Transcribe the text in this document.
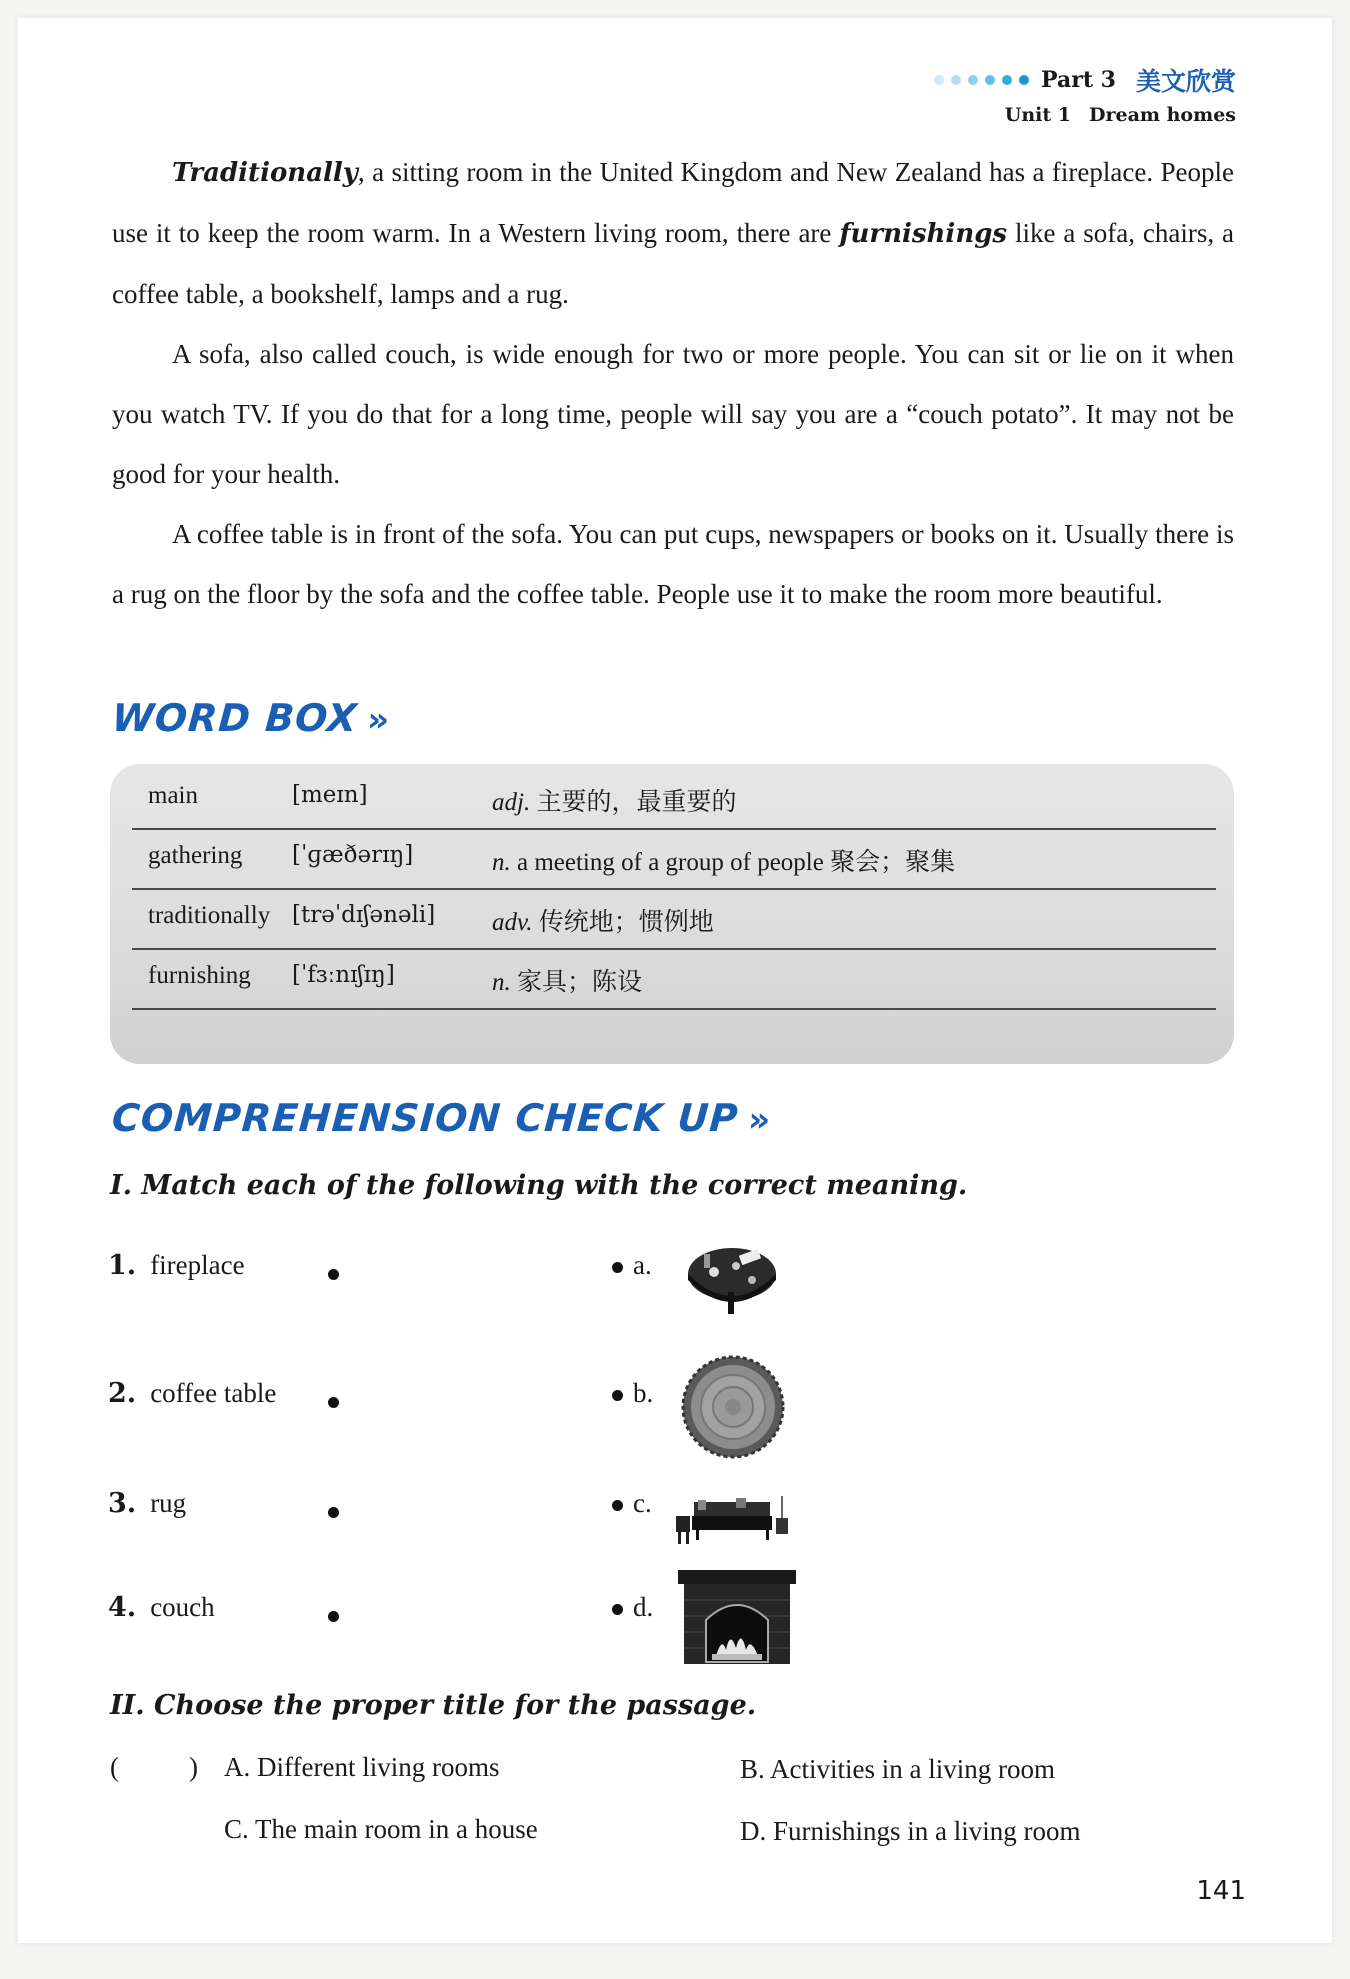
Part 3 美文欣赏
Unit 1 Dream homes

Traditionally, a sitting room in the United Kingdom and New Zealand has a fireplace. People use it to keep the room warm. In a Western living room, there are furnishings like a sofa, chairs, a coffee table, a bookshelf, lamps and a rug.

A sofa, also called couch, is wide enough for two or more people. You can sit or lie on it when you watch TV. If you do that for a long time, people will say you are a “couch potato”. It may not be good for your health.

A coffee table is in front of the sofa. You can put cups, newspapers or books on it. Usually there is a rug on the floor by the sofa and the coffee table. People use it to make the room more beautiful.

WORD BOX »
main	[meɪn]	adj. 主要的，最重要的
gathering [ˈɡæðərɪŋ]	n. a meeting of a group of people 聚会；聚集
traditionally [trəˈdɪʃənəli] adv. 传统地；惯例地
furnishing [ˈfɜːnɪʃɪŋ]	n. 家具；陈设
COMPREHENSION CHECK UP »
I. Match each of the following with the correct meaning.
1. fireplace
2. coffee table
3. rug
4. couch
a.
b.
c.
d.
II. Choose the proper title for the passage.
(	) A. Different living rooms	B. Activities in a living room
C. The main room in a house	D. Furnishings in a living room
141
